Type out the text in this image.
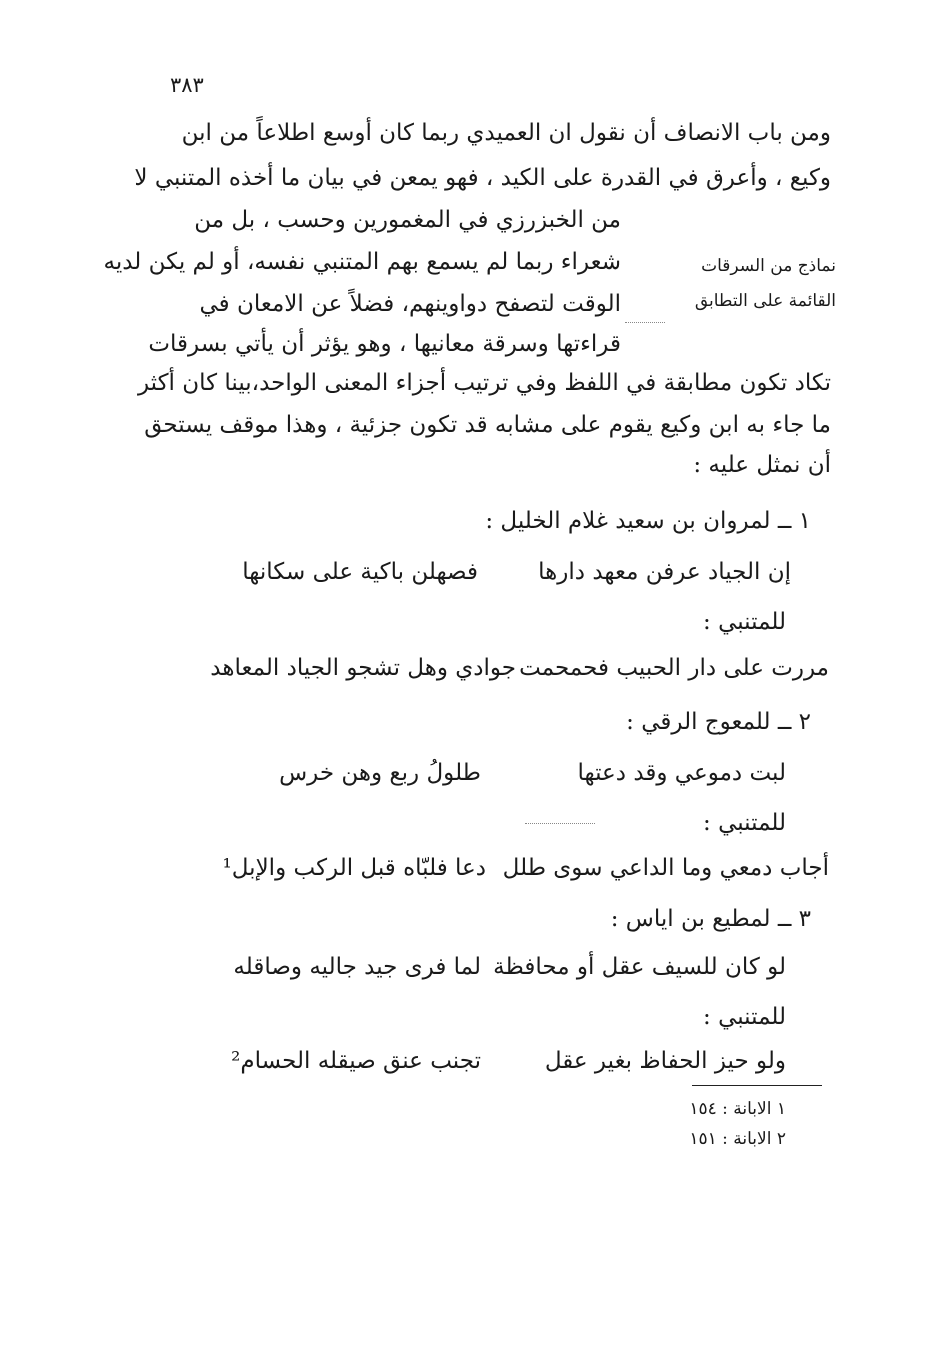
٣٨٣
ومن باب الانصاف أن نقول ان العميدي ربما كان أوسع اطلاعاً من ابن
وكيع ، وأعرق في القدرة على الكيد ، فهو يمعن في بيان ما أخذه المتنبي لا
من الخبزرزي في المغمورين وحسب ، بل من
شعراء ربما لم يسمع بهم المتنبي نفسه، أو لم يكن لديه
الوقت لتصفح دواوينهم، فضلاً عن الامعان في
قراءتها وسرقة معانيها ، وهو يؤثر أن يأتي بسرقات
تكاد تكون مطابقة في اللفظ وفي ترتيب أجزاء المعنى الواحد،بينا كان أكثر
ما جاء به ابن وكيع يقوم على مشابه قد تكون جزئية ، وهذا موقف يستحق
أن نمثل عليه :
نماذج من السرقات
القائمة على التطابق
١ ــ لمروان بن سعيد غلام الخليل :
إن الجياد عرفن معهد دارها
فصهلن باكية على سكانها
للمتنبي :
مررت على دار الحبيب فحمحمت
جوادي وهل تشجو الجياد المعاهد
٢ ــ للمعوج الرقي :
لبت دموعي وقد دعتها
طلولُ ربع وهن خرس
للمتنبي :
أجاب دمعي وما الداعي سوى طلل
دعا فلبّاه قبل الركب والإبل¹
٣ ــ لمطيع بن اياس :
لو كان للسيف عقل أو محافظة
لما فرى جيد جاليه وصاقله
للمتنبي :
ولو حيز الحفاظ بغير عقل
تجنب عنق صيقله الحسام²
١ الابانة : ١٥٤
٢ الابانة : ١٥١
